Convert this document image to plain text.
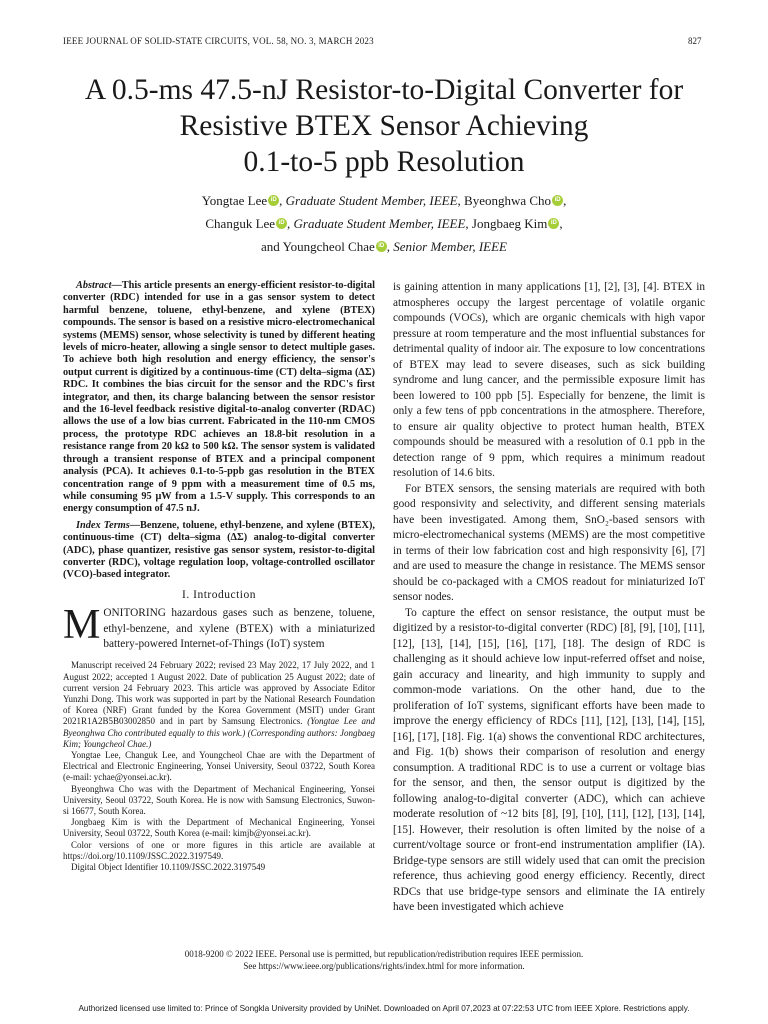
IEEE JOURNAL OF SOLID-STATE CIRCUITS, VOL. 58, NO. 3, MARCH 2023	827
A 0.5-ms 47.5-nJ Resistor-to-Digital Converter for
Resistive BTEX Sensor Achieving
0.1-to-5 ppb Resolution
Yongtae Lee iD , Graduate Student Member, IEEE, Byeonghwa Cho iD ,
Changuk Lee iD , Graduate Student Member, IEEE, Jongbaeg Kim iD ,
and Youngcheol Chae iD , Senior Member, IEEE

Abstract—This article presents an energy-efficient resistor-to-digital converter (RDC) intended for use in a gas sensor system to detect harmful benzene, toluene, ethyl-benzene, and xylene (BTEX) compounds. The sensor is based on a resistive micro-electromechanical systems (MEMS) sensor, whose selectivity is tuned by different heating levels of micro-heater, allowing a single sensor to detect multiple gases. To achieve both high resolution and energy efficiency, the sensor's output current is digitized by a continuous-time (CT) delta–sigma (ΔΣ) RDC. It combines the bias circuit for the sensor and the RDC's first integrator, and then, its charge balancing between the sensor resistor and the 16-level feedback resistive digital-to-analog converter (RDAC) allows the use of a low bias current. Fabricated in the 110-nm CMOS process, the prototype RDC achieves an 18.8-bit resolution in a resistance range from 20 kΩ to 500 kΩ. The sensor system is validated through a transient response of BTEX and a principal component analysis (PCA). It achieves 0.1-to-5-ppb gas resolution in the BTEX concentration range of 9 ppm with a measurement time of 0.5 ms, while consuming 95 μW from a 1.5-V supply. This corresponds to an energy consumption of 47.5 nJ.

Index Terms—Benzene, toluene, ethyl-benzene, and xylene (BTEX), continuous-time (CT) delta–sigma (ΔΣ) analog-to-digital converter (ADC), phase quantizer, resistive gas sensor system, resistor-to-digital converter (RDC), voltage regulation loop, voltage-controlled oscillator (VCO)-based integrator.

I. Introduction

MONITORING hazardous gases such as benzene, toluene, ethyl-benzene, and xylene (BTEX) with a miniaturized battery-powered Internet-of-Things (IoT) system

Manuscript received 24 February 2022; revised 23 May 2022, 17 July 2022, and 1 August 2022; accepted 1 August 2022. Date of publication 25 August 2022; date of current version 24 February 2023. This article was approved by Associate Editor Yunzhi Dong. This work was supported in part by the National Research Foundation of Korea (NRF) Grant funded by the Korea Government (MSIT) under Grant 2021R1A2B5B03002850 and in part by Samsung Electronics. (Yongtae Lee and Byeonghwa Cho contributed equally to this work.) (Corresponding authors: Jongbaeg Kim; Youngcheol Chae.)

Yongtae Lee, Changuk Lee, and Youngcheol Chae are with the Department of Electrical and Electronic Engineering, Yonsei University, Seoul 03722, South Korea (e-mail: ychae@yonsei.ac.kr).

Byeonghwa Cho was with the Department of Mechanical Engineering, Yonsei University, Seoul 03722, South Korea. He is now with Samsung Electronics, Suwon-si 16677, South Korea.

Jongbaeg Kim is with the Department of Mechanical Engineering, Yonsei University, Seoul 03722, South Korea (e-mail: kimjb@yonsei.ac.kr).

Color versions of one or more figures in this article are available at https://doi.org/10.1109/JSSC.2022.3197549.

Digital Object Identifier 10.1109/JSSC.2022.3197549

is gaining attention in many applications [1], [2], [3], [4]. BTEX in atmospheres occupy the largest percentage of volatile organic compounds (VOCs), which are organic chemicals with high vapor pressure at room temperature and the most influential substances for detrimental quality of indoor air. The exposure to low concentrations of BTEX may lead to severe diseases, such as sick building syndrome and lung cancer, and the permissible exposure limit has been lowered to 100 ppb [5]. Especially for benzene, the limit is only a few tens of ppb concentrations in the atmosphere. Therefore, to ensure air quality objective to protect human health, BTEX compounds should be measured with a resolution of 0.1 ppb in the detection range of 9 ppm, which requires a minimum readout resolution of 14.6 bits.

For BTEX sensors, the sensing materials are required with both good responsivity and selectivity, and different sensing materials have been investigated. Among them, SnO₂-based sensors with micro-electromechanical systems (MEMS) are the most competitive in terms of their low fabrication cost and high responsivity [6], [7] and are used to measure the change in resistance. The MEMS sensor should be co-packaged with a CMOS readout for miniaturized IoT sensor nodes.

To capture the effect on sensor resistance, the output must be digitized by a resistor-to-digital converter (RDC) [8], [9], [10], [11], [12], [13], [14], [15], [16], [17], [18]. The design of RDC is challenging as it should achieve low input-referred offset and noise, gain accuracy and linearity, and high immunity to supply and common-mode variations. On the other hand, due to the proliferation of IoT systems, significant efforts have been made to improve the energy efficiency of RDCs [11], [12], [13], [14], [15], [16], [17], [18]. Fig. 1(a) shows the conventional RDC architectures, and Fig. 1(b) shows their comparison of resolution and energy consumption. A traditional RDC is to use a current or voltage bias for the sensor, and then, the sensor output is digitized by the following analog-to-digital converter (ADC), which can achieve moderate resolution of ~12 bits [8], [9], [10], [11], [12], [13], [14], [15]. However, their resolution is often limited by the noise of a current/voltage source or front-end instrumentation amplifier (IA). Bridge-type sensors are still widely used that can omit the precision reference, thus achieving good energy efficiency. Recently, direct RDCs that use bridge-type sensors and eliminate the IA entirely have been investigated which achieve

0018-9200 © 2022 IEEE. Personal use is permitted, but republication/redistribution requires IEEE permission.
See https://www.ieee.org/publications/rights/index.html for more information.
Authorized licensed use limited to: Prince of Songkla University provided by UniNet. Downloaded on April 07,2023 at 07:22:53 UTC from IEEE Xplore. Restrictions apply.
